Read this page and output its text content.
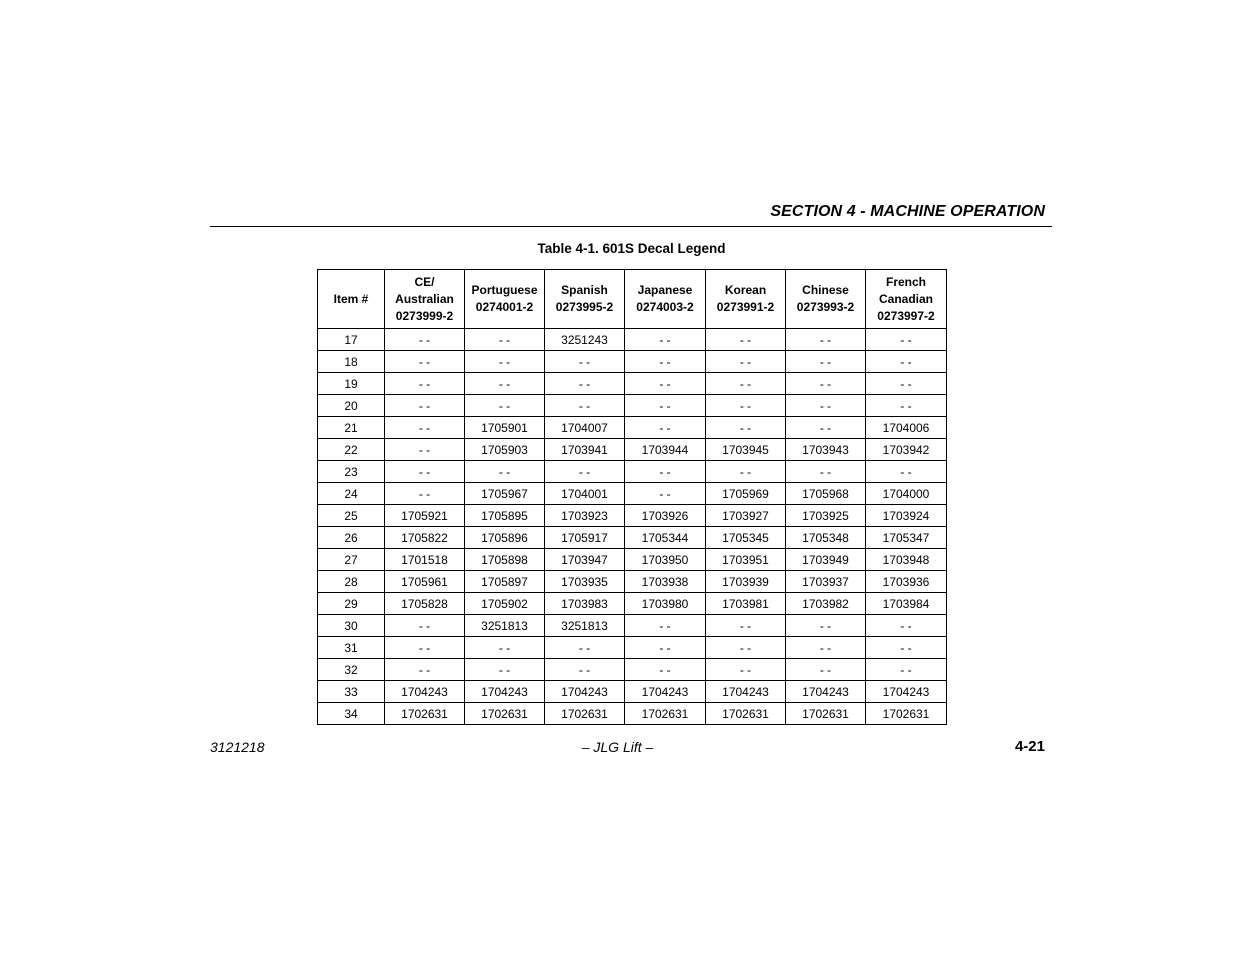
SECTION 4 - MACHINE OPERATION
Table 4-1. 601S Decal Legend
Item #	CE/
Australian
0273999-2	Portuguese
0274001-2	Spanish
0273995-2	Japanese
0274003-2	Korean
0273991-2	Chinese
0273993-2	French
Canadian
0273997-2

17	- -	- -	3251243	- -	- -	- -	- -
18	- -	- -	- -	- -	- -	- -	- -
19	- -	- -	- -	- -	- -	- -	- -
20	- -	- -	- -	- -	- -	- -	- -
21	- -	1705901	1704007	- -	- -	- -	1704006
22	- -	1705903	1703941	1703944	1703945	1703943	1703942
23	- -	- -	- -	- -	- -	- -	- -
24	- -	1705967	1704001	- -	1705969	1705968	1704000
25	1705921	1705895	1703923	1703926	1703927	1703925	1703924
26	1705822	1705896	1705917	1705344	1705345	1705348	1705347
27	1701518	1705898	1703947	1703950	1703951	1703949	1703948
28	1705961	1705897	1703935	1703938	1703939	1703937	1703936
29	1705828	1705902	1703983	1703980	1703981	1703982	1703984
30	- -	3251813	3251813	- -	- -	- -	- -
31	- -	- -	- -	- -	- -	- -	- -
32	- -	- -	- -	- -	- -	- -	- -
33	1704243	1704243	1704243	1704243	1704243	1704243	1704243
34	1702631	1702631	1702631	1702631	1702631	1702631	1702631
3121218	– JLG Lift –	4-21
